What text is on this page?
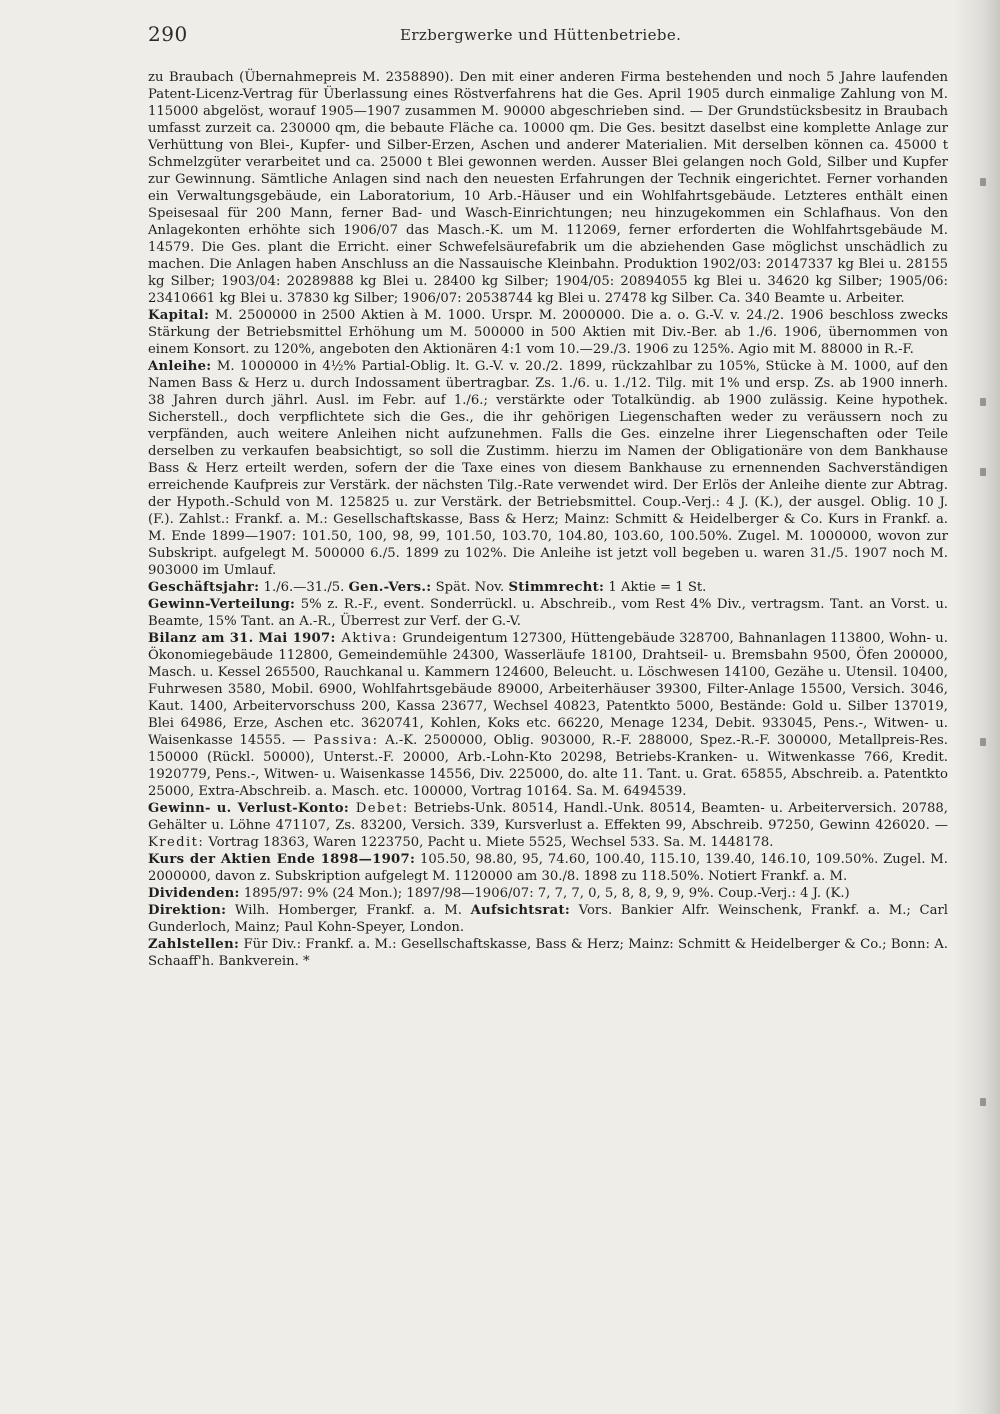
290	Erzbergwerke und Hüttenbetriebe.

zu Braubach (Übernahmepreis M. 2358890). Den mit einer anderen Firma bestehenden und noch 5 Jahre laufenden Patent-Licenz-Vertrag für Überlassung eines Röstverfahrens hat die Ges. April 1905 durch einmalige Zahlung von M. 115000 abgelöst, worauf 1905—1907 zusammen M. 90000 abgeschrieben sind. — Der Grundstücksbesitz in Braubach umfasst zurzeit ca. 230000 qm, die bebaute Fläche ca. 10000 qm. Die Ges. besitzt daselbst eine komplette Anlage zur Verhüttung von Blei-, Kupfer- und Silber-Erzen, Aschen und anderer Materialien. Mit derselben können ca. 45000 t Schmelzgüter verarbeitet und ca. 25000 t Blei gewonnen werden. Ausser Blei gelangen noch Gold, Silber und Kupfer zur Gewinnung. Sämtliche Anlagen sind nach den neuesten Erfahrungen der Technik eingerichtet. Ferner vorhanden ein Verwaltungsgebäude, ein Laboratorium, 10 Arb.-Häuser und ein Wohlfahrtsgebäude. Letzteres enthält einen Speisesaal für 200 Mann, ferner Bad- und Wasch-Einrichtungen; neu hinzugekommen ein Schlafhaus. Von den Anlagekonten erhöhte sich 1906/07 das Masch.-K. um M. 112069, ferner erforderten die Wohlfahrtsgebäude M. 14579. Die Ges. plant die Erricht. einer Schwefelsäurefabrik um die abziehenden Gase möglichst unschädlich zu machen. Die Anlagen haben Anschluss an die Nassauische Kleinbahn. Produktion 1902/03: 20147337 kg Blei u. 28155 kg Silber; 1903/04: 20289888 kg Blei u. 28400 kg Silber; 1904/05: 20894055 kg Blei u. 34620 kg Silber; 1905/06: 23410661 kg Blei u. 37830 kg Silber; 1906/07: 20538744 kg Blei u. 27478 kg Silber. Ca. 340 Beamte u. Arbeiter.

Kapital: M. 2500000 in 2500 Aktien à M. 1000. Urspr. M. 2000000. Die a. o. G.-V. v. 24./2. 1906 beschloss zwecks Stärkung der Betriebsmittel Erhöhung um M. 500000 in 500 Aktien mit Div.-Ber. ab 1./6. 1906, übernommen von einem Konsort. zu 120%, angeboten den Aktionären 4:1 vom 10.—29./3. 1906 zu 125%. Agio mit M. 88000 in R.-F.

Anleihe: M. 1000000 in 4½% Partial-Oblig. lt. G.-V. v. 20./2. 1899, rückzahlbar zu 105%, Stücke à M. 1000, auf den Namen Bass & Herz u. durch Indossament übertragbar. Zs. 1./6. u. 1./12. Tilg. mit 1% und ersp. Zs. ab 1900 innerh. 38 Jahren durch jährl. Ausl. im Febr. auf 1./6.; verstärkte oder Totalkündig. ab 1900 zulässig. Keine hypothek. Sicherstell., doch verpflichtete sich die Ges., die ihr gehörigen Liegenschaften weder zu veräussern noch zu verpfänden, auch weitere Anleihen nicht aufzunehmen. Falls die Ges. einzelne ihrer Liegenschaften oder Teile derselben zu verkaufen beabsichtigt, so soll die Zustimm. hierzu im Namen der Obligationäre von dem Bankhause Bass & Herz erteilt werden, sofern der die Taxe eines von diesem Bankhause zu ernennenden Sachverständigen erreichende Kaufpreis zur Verstärk. der nächsten Tilg.-Rate verwendet wird. Der Erlös der Anleihe diente zur Abtrag. der Hypoth.-Schuld von M. 125825 u. zur Verstärk. der Betriebsmittel. Coup.-Verj.: 4 J. (K.), der ausgel. Oblig. 10 J. (F.). Zahlst.: Frankf. a. M.: Gesellschaftskasse, Bass & Herz; Mainz: Schmitt & Heidelberger & Co. Kurs in Frankf. a. M. Ende 1899—1907: 101.50, 100, 98, 99, 101.50, 103.70, 104.80, 103.60, 100.50%. Zugel. M. 1000000, wovon zur Subskript. aufgelegt M. 500000 6./5. 1899 zu 102%. Die Anleihe ist jetzt voll begeben u. waren 31./5. 1907 noch M. 903000 im Umlauf.

Geschäftsjahr: 1./6.—31./5. Gen.-Vers.: Spät. Nov. Stimmrecht: 1 Aktie = 1 St.

Gewinn-Verteilung: 5% z. R.-F., event. Sonderrückl. u. Abschreib., vom Rest 4% Div., vertragsm. Tant. an Vorst. u. Beamte, 15% Tant. an A.-R., Überrest zur Verf. der G.-V.

Bilanz am 31. Mai 1907: Aktiva: Grundeigentum 127300, Hüttengebäude 328700, Bahnanlagen 113800, Wohn- u. Ökonomiegebäude 112800, Gemeindemühle 24300, Wasserläufe 18100, Drahtseil- u. Bremsbahn 9500, Öfen 200000, Masch. u. Kessel 265500, Rauchkanal u. Kammern 124600, Beleucht. u. Löschwesen 14100, Gezähe u. Utensil. 10400, Fuhrwesen 3580, Mobil. 6900, Wohlfahrtsgebäude 89000, Arbeiterhäuser 39300, Filter-Anlage 15500, Versich. 3046, Kaut. 1400, Arbeitervorschuss 200, Kassa 23677, Wechsel 40823, Patentkto 5000, Bestände: Gold u. Silber 137019, Blei 64986, Erze, Aschen etc. 3620741, Kohlen, Koks etc. 66220, Menage 1234, Debit. 933045, Pens.-, Witwen- u. Waisenkasse 14555. — Passiva: A.-K. 2500000, Oblig. 903000, R.-F. 288000, Spez.-R.-F. 300000, Metallpreis-Res. 150000 (Rückl. 50000), Unterst.-F. 20000, Arb.-Lohn-Kto 20298, Betriebs-Kranken- u. Witwenkasse 766, Kredit. 1920779, Pens.-, Witwen- u. Waisenkasse 14556, Div. 225000, do. alte 11. Tant. u. Grat. 65855, Abschreib. a. Patentkto 25000, Extra-Abschreib. a. Masch. etc. 100000, Vortrag 10164. Sa. M. 6494539.

Gewinn- u. Verlust-Konto: Debet: Betriebs-Unk. 80514, Handl.-Unk. 80514, Beamten- u. Arbeiterversich. 20788, Gehälter u. Löhne 471107, Zs. 83200, Versich. 339, Kursverlust a. Effekten 99, Abschreib. 97250, Gewinn 426020. — Kredit: Vortrag 18363, Waren 1223750, Pacht u. Miete 5525, Wechsel 533. Sa. M. 1448178.

Kurs der Aktien Ende 1898—1907: 105.50, 98.80, 95, 74.60, 100.40, 115.10, 139.40, 146.10, 109.50%. Zugel. M. 2000000, davon z. Subskription aufgelegt M. 1120000 am 30./8. 1898 zu 118.50%. Notiert Frankf. a. M.

Dividenden: 1895/97: 9% (24 Mon.); 1897/98—1906/07: 7, 7, 7, 0, 5, 8, 8, 9, 9, 9%. Coup.-Verj.: 4 J. (K.)

Direktion: Wilh. Homberger, Frankf. a. M. Aufsichtsrat: Vors. Bankier Alfr. Weinschenk, Frankf. a. M.; Carl Gunderloch, Mainz; Paul Kohn-Speyer, London.

Zahlstellen: Für Div.: Frankf. a. M.: Gesellschaftskasse, Bass & Herz; Mainz: Schmitt & Heidelberger & Co.; Bonn: A. Schaaff'h. Bankverein. *
